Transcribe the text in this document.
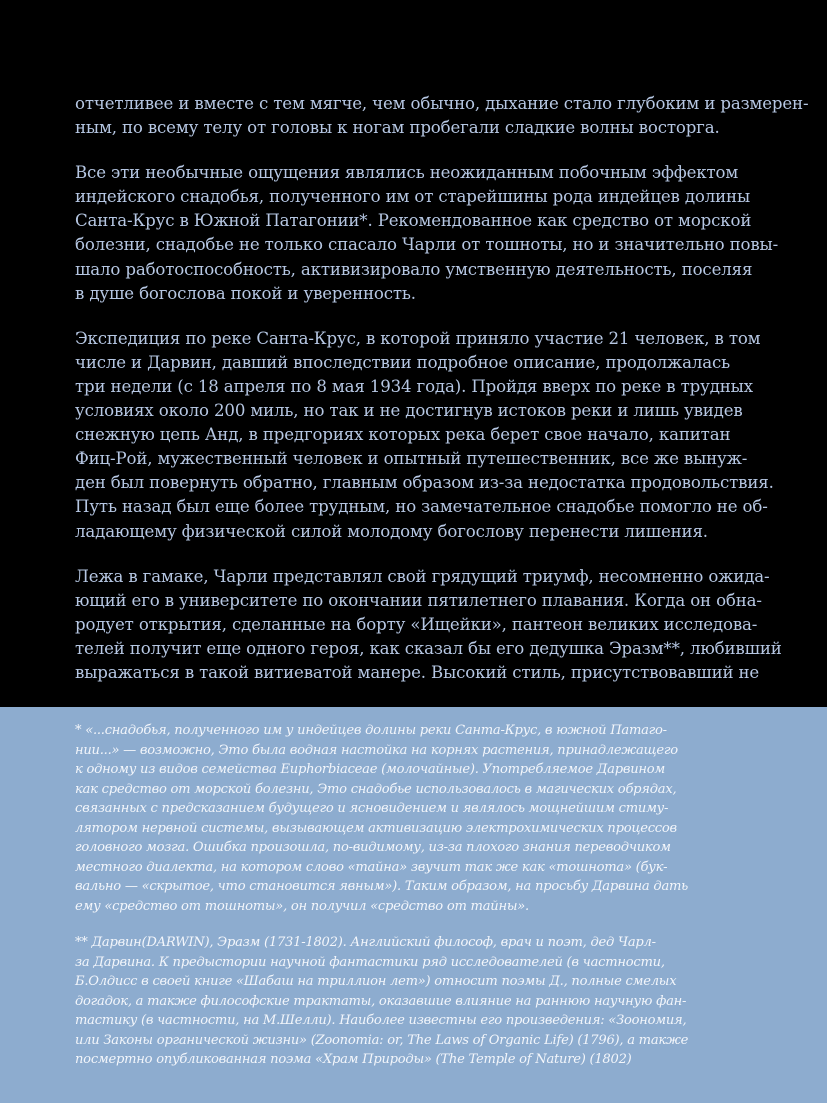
отчетливее и вместе с тем мягче, чем обычно, дыхание стало глубоким и размерен-
ным, по всему телу от головы к ногам пробегали сладкие волны восторга.

Все эти необычные ощущения являлись неожиданным побочным эффектом
индейского снадобья, полученного им от старейшины рода индейцев долины
Санта-Крус в Южной Патагонии*. Рекомендованное как средство от морской
болезни, снадобье не только спасало Чарли от тошноты, но и значительно повы-
шало работоспособность, активизировало умственную деятельность, поселяя
в душе богослова покой и уверенность.

Экспедиция по реке Санта-Крус, в которой приняло участие 21 человек, в том
числе и Дарвин, давший впоследствии подробное описание, продолжалась
три недели (с 18 апреля по 8 мая 1934 года). Пройдя вверх по реке в трудных
условиях около 200 миль, но так и не достигнув истоков реки и лишь увидев
снежную цепь Анд, в предгориях которых река берет свое начало, капитан
Фиц-Рой, мужественный человек и опытный путешественник, все же вынуж-
ден был повернуть обратно, главным образом из-за недостатка продовольствия.
Путь назад был еще более трудным, но замечательное снадобье помогло не об-
ладающему физической силой молодому богослову перенести лишения.

Лежа в гамаке, Чарли представлял свой грядущий триумф, несомненно ожида-
ющий его в университете по окончании пятилетнего плавания. Когда он обна-
родует открытия, сделанные на борту «Ищейки», пантеон великих исследова-
телей получит еще одного героя, как сказал бы его дедушка Эразм**, любивший
выражаться в такой витиеватой манере. Высокий стиль, присутствовавший не

* «...снадобья, полученного им у индейцев долины реки Санта-Крус, в южной Патаго-
нии...» — возможно, Это была водная настойка на корнях растения, принадлежащего
к одному из видов семейства Euphorbiaceae (молочайные). Употребляемое Дарвином
как средство от морской болезни, Это снадобье использовалось в магических обрядах,
связанных с предсказанием будущего и ясновидением и являлось мощнейшим стиму-
лятором нервной системы, вызывающем активизацию электрохимических процессов
головного мозга. Ошибка произошла, по-видимому, из-за плохого знания переводчиком
местного диалекта, на котором слово «тайна» звучит так же как «тошнота» (бук-
вально — «скрытое, что становится явным»). Таким образом, на просьбу Дарвина дать
ему «средство от тошноты», он получил «средство от тайны».

** Дарвин(DARWIN), Эразм (1731-1802). Английский философ, врач и поэт, дед Чарл-
за Дарвина. К предыстории научной фантастики ряд исследователей (в частности,
Б.Олдисс в своей книге «Шабаш на триллион лет») относит поэмы Д., полные смелых
догадок, а также философские трактаты, оказавшие влияние на раннюю научную фан-
тастику (в частности, на М.Шелли). Наиболее известны его произведения: «Зоономия,
или Законы органической жизни» (Zoonomia: or, The Laws of Organic Life) (1796), а также
посмертно опубликованная поэма «Храм Природы» (The Temple of Nature) (1802)
